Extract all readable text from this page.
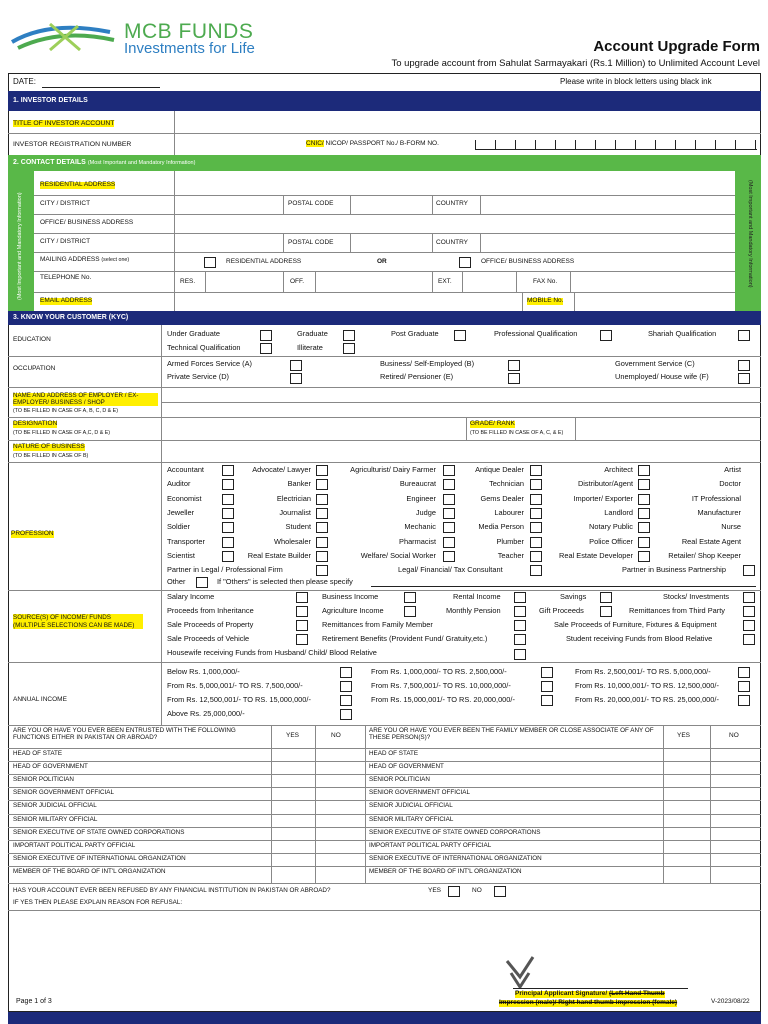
MCB FUNDS
Investments for Life	Account Upgrade Form
To upgrade account from Sahulat Sarmayakari (Rs.1 Million) to Unlimited Account Level
DATE:	Please write in block letters using black ink
1. INVESTOR DETAILS
TITLE OF INVESTOR ACCOUNT
INVESTOR REGISTRATION NUMBER	CNIC/ NICOP/ PASSPORT No./ B-FORM NO.
2. CONTACT DETAILS (Most Important and Mandatory Information)
(Most Important and Mandatory Information)	(Most Important and Mandatory Information)
RESIDENTIAL ADDRESS
CITY / DISTRICT	POSTAL CODE	COUNTRY
OFFICE/ BUSINESS ADDRESS
CITY / DISTRICT	POSTAL CODE	COUNTRY
MAILING ADDRESS (select one)	RESIDENTIAL ADDRESS	OR	OFFICE/ BUSINESS ADDRESS
TELEPHONE No.
RES.	OFF.	EXT.	FAX No.
EMAIL ADDRESS	MOBILE No.
3. KNOW YOUR CUSTOMER (KYC)
EDUCATION
Under Graduate	Graduate	Post Graduate	Professional Qualification	Shariah Qualification
Technical Qualification	Illiterate
OCCUPATION
Armed Forces Service (A)	Business/ Self-Employed (B)	Government Service (C)
Private Service (D)	Retired/ Pensioner (E)	Unemployed/ House wife (F)
NAME AND ADDRESS OF EMPLOYER / EX-EMPLOYER/ BUSINESS / SHOP
(TO BE FILLED IN CASE OF A, B, C, D & E)
DESIGNATION
(TO BE FILLED IN CASE OF A,C, D & E)
GRADE/ RANK
(TO BE FILLED IN CASE OF A, C, & E)
NATURE OF BUSINESS
(TO BE FILLED IN CASE OF B)
PROFESSION
Accountant	Advocate/ Lawyer	Agriculturist/ Dairy Farmer	Antique Dealer	Architect	Artist
Auditor	Banker	Bureaucrat	Technician	Distributor/Agent	Doctor
Economist	Electrician	Engineer	Gems Dealer	Importer/ Exporter	IT Professional
Jeweller	Journalist	Judge	Labourer	Landlord	Manufacturer
Soldier	Student	Mechanic	Media Person	Notary Public	Nurse
Transporter	Wholesaler	Pharmacist	Plumber	Police Officer	Real Estate Agent
Scientist	Real Estate Builder	Welfare/ Social Worker	Teacher	Real Estate Developer	Retailer/ Shop Keeper
Partner in Legal / Professional Firm	Legal/ Financial/ Tax Consultant	Partner in Business Partnership
Other	If "Others" is selected then please specify
SOURCE(S) OF INCOME/ FUNDS (MULTIPLE SELECTIONS CAN BE MADE)
Salary Income	Business Income	Rental Income	Savings	Stocks/ Investments
Proceeds from Inheritance	Agriculture Income	Monthly Pension	Gift Proceeds	Remittances from Third Party
Sale Proceeds of Property	Remittances from Family Member	Sale Proceeds of Furniture, Fixtures & Equipment
Sale Proceeds of Vehicle	Retirement Benefits (Provident Fund/ Gratuity,etc.)	Student receiving Funds from Blood Relative
Housewife receiving Funds from Husband/ Child/ Blood Relative
ANNUAL INCOME
Below Rs. 1,000,000/-	From Rs. 1,000,000/- TO RS. 2,500,000/-	From Rs. 2,500,001/- TO RS. 5,000,000/-
From Rs. 5,000,001/- TO RS. 7,500,000/-	From Rs. 7,500,001/- TO RS. 10,000,000/-	From Rs. 10,000,001/- TO RS. 12,500,000/-
From Rs. 12,500,001/- TO RS. 15,000,000/-	From Rs. 15,000,001/- TO RS. 20,000,000/-	From Rs. 20,000,001/- TO RS. 25,000,000/-
Above Rs. 25,000,000/-
ARE YOU OR HAVE YOU EVER BEEN ENTRUSTED WITH THE FOLLOWING FUNCTIONS EITHER IN PAKISTAN OR ABROAD?	YES	NO
ARE YOU OR HAVE YOU EVER BEEN THE FAMILY MEMBER OR CLOSE ASSOCIATE OF ANY OF THESE PERSON(S)?	YES	NO
HEAD OF STATE	HEAD OF STATE
HEAD OF GOVERNMENT	HEAD OF GOVERNMENT
SENIOR POLITICIAN	SENIOR POLITICIAN
SENIOR GOVERNMENT OFFICIAL	SENIOR GOVERNMENT OFFICIAL
SENIOR JUDICIAL OFFICIAL	SENIOR JUDICIAL OFFICIAL
SENIOR MILITARY OFFICIAL	SENIOR MILITARY OFFICIAL
SENIOR EXECUTIVE OF STATE OWNED CORPORATIONS	SENIOR EXECUTIVE OF STATE OWNED CORPORATIONS
IMPORTANT POLITICAL PARTY OFFICIAL	IMPORTANT POLITICAL PARTY OFFICIAL
SENIOR EXECUTIVE OF INTERNATIONAL ORGANIZATION	SENIOR EXECUTIVE OF INTERNATIONAL ORGANIZATION
MEMBER OF THE BOARD OF INT'L ORGANIZATION	MEMBER OF THE BOARD OF INT'L ORGANIZATION
HAS YOUR ACCOUNT EVER BEEN REFUSED BY ANY FINANCIAL INSTITUTION IN PAKISTAN OR ABROAD?	YES	NO
IF YES THEN PLEASE EXPLAIN REASON FOR REFUSAL:
Page 1 of 3
Principal Applicant Signature/ (Left Hand Thumb
Impression (male)/ Right hand thumb impression (female)	V-2023/08/22
